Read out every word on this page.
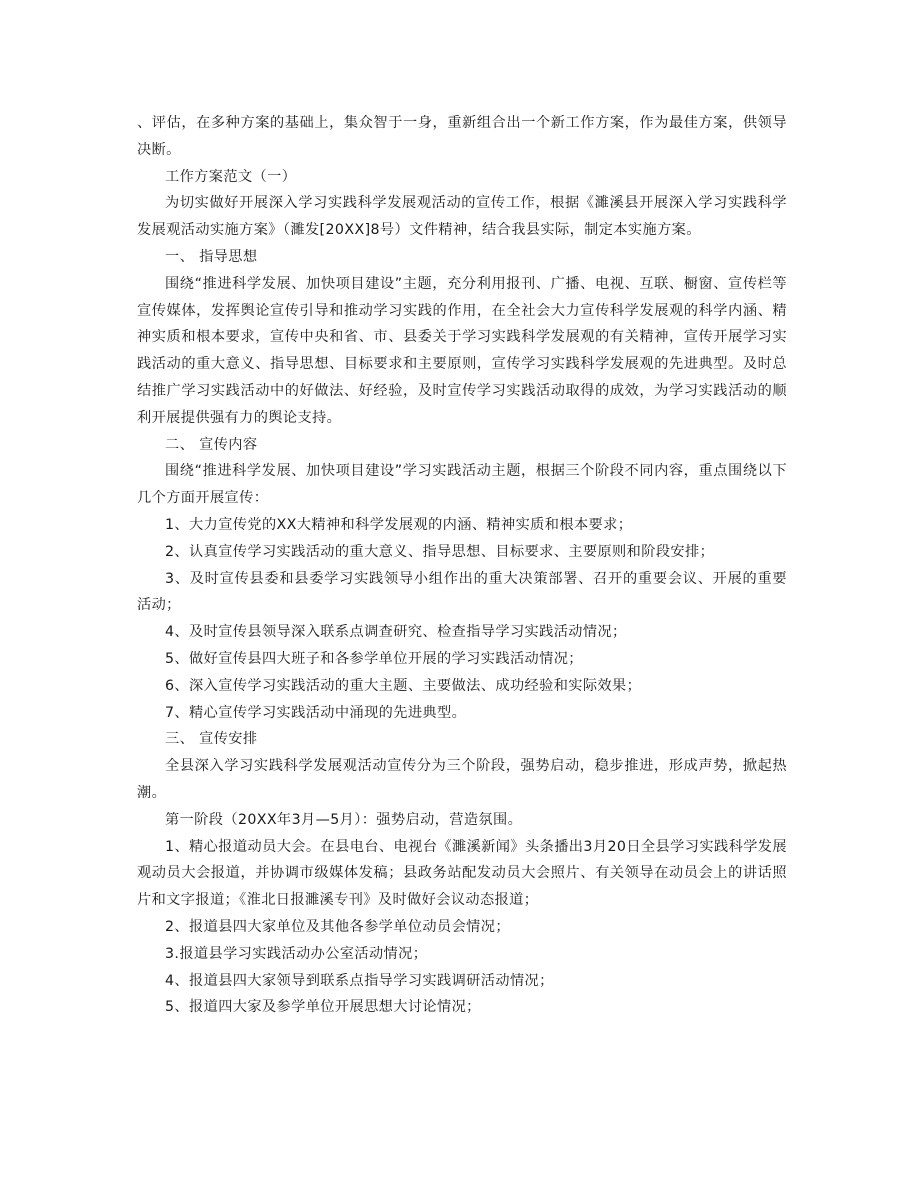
、评估，在多种方案的基础上，集众智于一身，重新组合出一个新工作方案，作为最佳方案，供领导决断。

工作方案范文（一）

为切实做好开展深入学习实践科学发展观活动的宣传工作，根据《濉溪县开展深入学习实践科学发展观活动实施方案》（濉发[20XX]8号）文件精神，结合我县实际，制定本实施方案。

一、 指导思想

围绕“推进科学发展、加快项目建设”主题，充分利用报刊、广播、电视、互联、橱窗、宣传栏等宣传媒体，发挥舆论宣传引导和推动学习实践的作用，在全社会大力宣传科学发展观的科学内涵、精神实质和根本要求，宣传中央和省、市、县委关于学习实践科学发展观的有关精神，宣传开展学习实践活动的重大意义、指导思想、目标要求和主要原则，宣传学习实践科学发展观的先进典型。及时总结推广学习实践活动中的好做法、好经验，及时宣传学习实践活动取得的成效，为学习实践活动的顺利开展提供强有力的舆论支持。

二、 宣传内容

围绕“推进科学发展、加快项目建设”学习实践活动主题，根据三个阶段不同内容，重点围绕以下几个方面开展宣传：

1、大力宣传党的XX大精神和科学发展观的内涵、精神实质和根本要求；

2、认真宣传学习实践活动的重大意义、指导思想、目标要求、主要原则和阶段安排；

3、及时宣传县委和县委学习实践领导小组作出的重大决策部署、召开的重要会议、开展的重要活动；

4、及时宣传县领导深入联系点调查研究、检查指导学习实践活动情况；

5、做好宣传县四大班子和各参学单位开展的学习实践活动情况；

6、深入宣传学习实践活动的重大主题、主要做法、成功经验和实际效果；

7、精心宣传学习实践活动中涌现的先进典型。

三、 宣传安排

全县深入学习实践科学发展观活动宣传分为三个阶段，强势启动，稳步推进，形成声势，掀起热潮。

第一阶段（20XX年3月—5月）：强势启动，营造氛围。

1、精心报道动员大会。在县电台、电视台《濉溪新闻》头条播出3月20日全县学习实践科学发展观动员大会报道，并协调市级媒体发稿；县政务站配发动员大会照片、有关领导在动员会上的讲话照片和文字报道；《淮北日报濉溪专刊》及时做好会议动态报道；

2、报道县四大家单位及其他各参学单位动员会情况；

3.报道县学习实践活动办公室活动情况；

4、报道县四大家领导到联系点指导学习实践调研活动情况；

5、报道四大家及参学单位开展思想大讨论情况；
